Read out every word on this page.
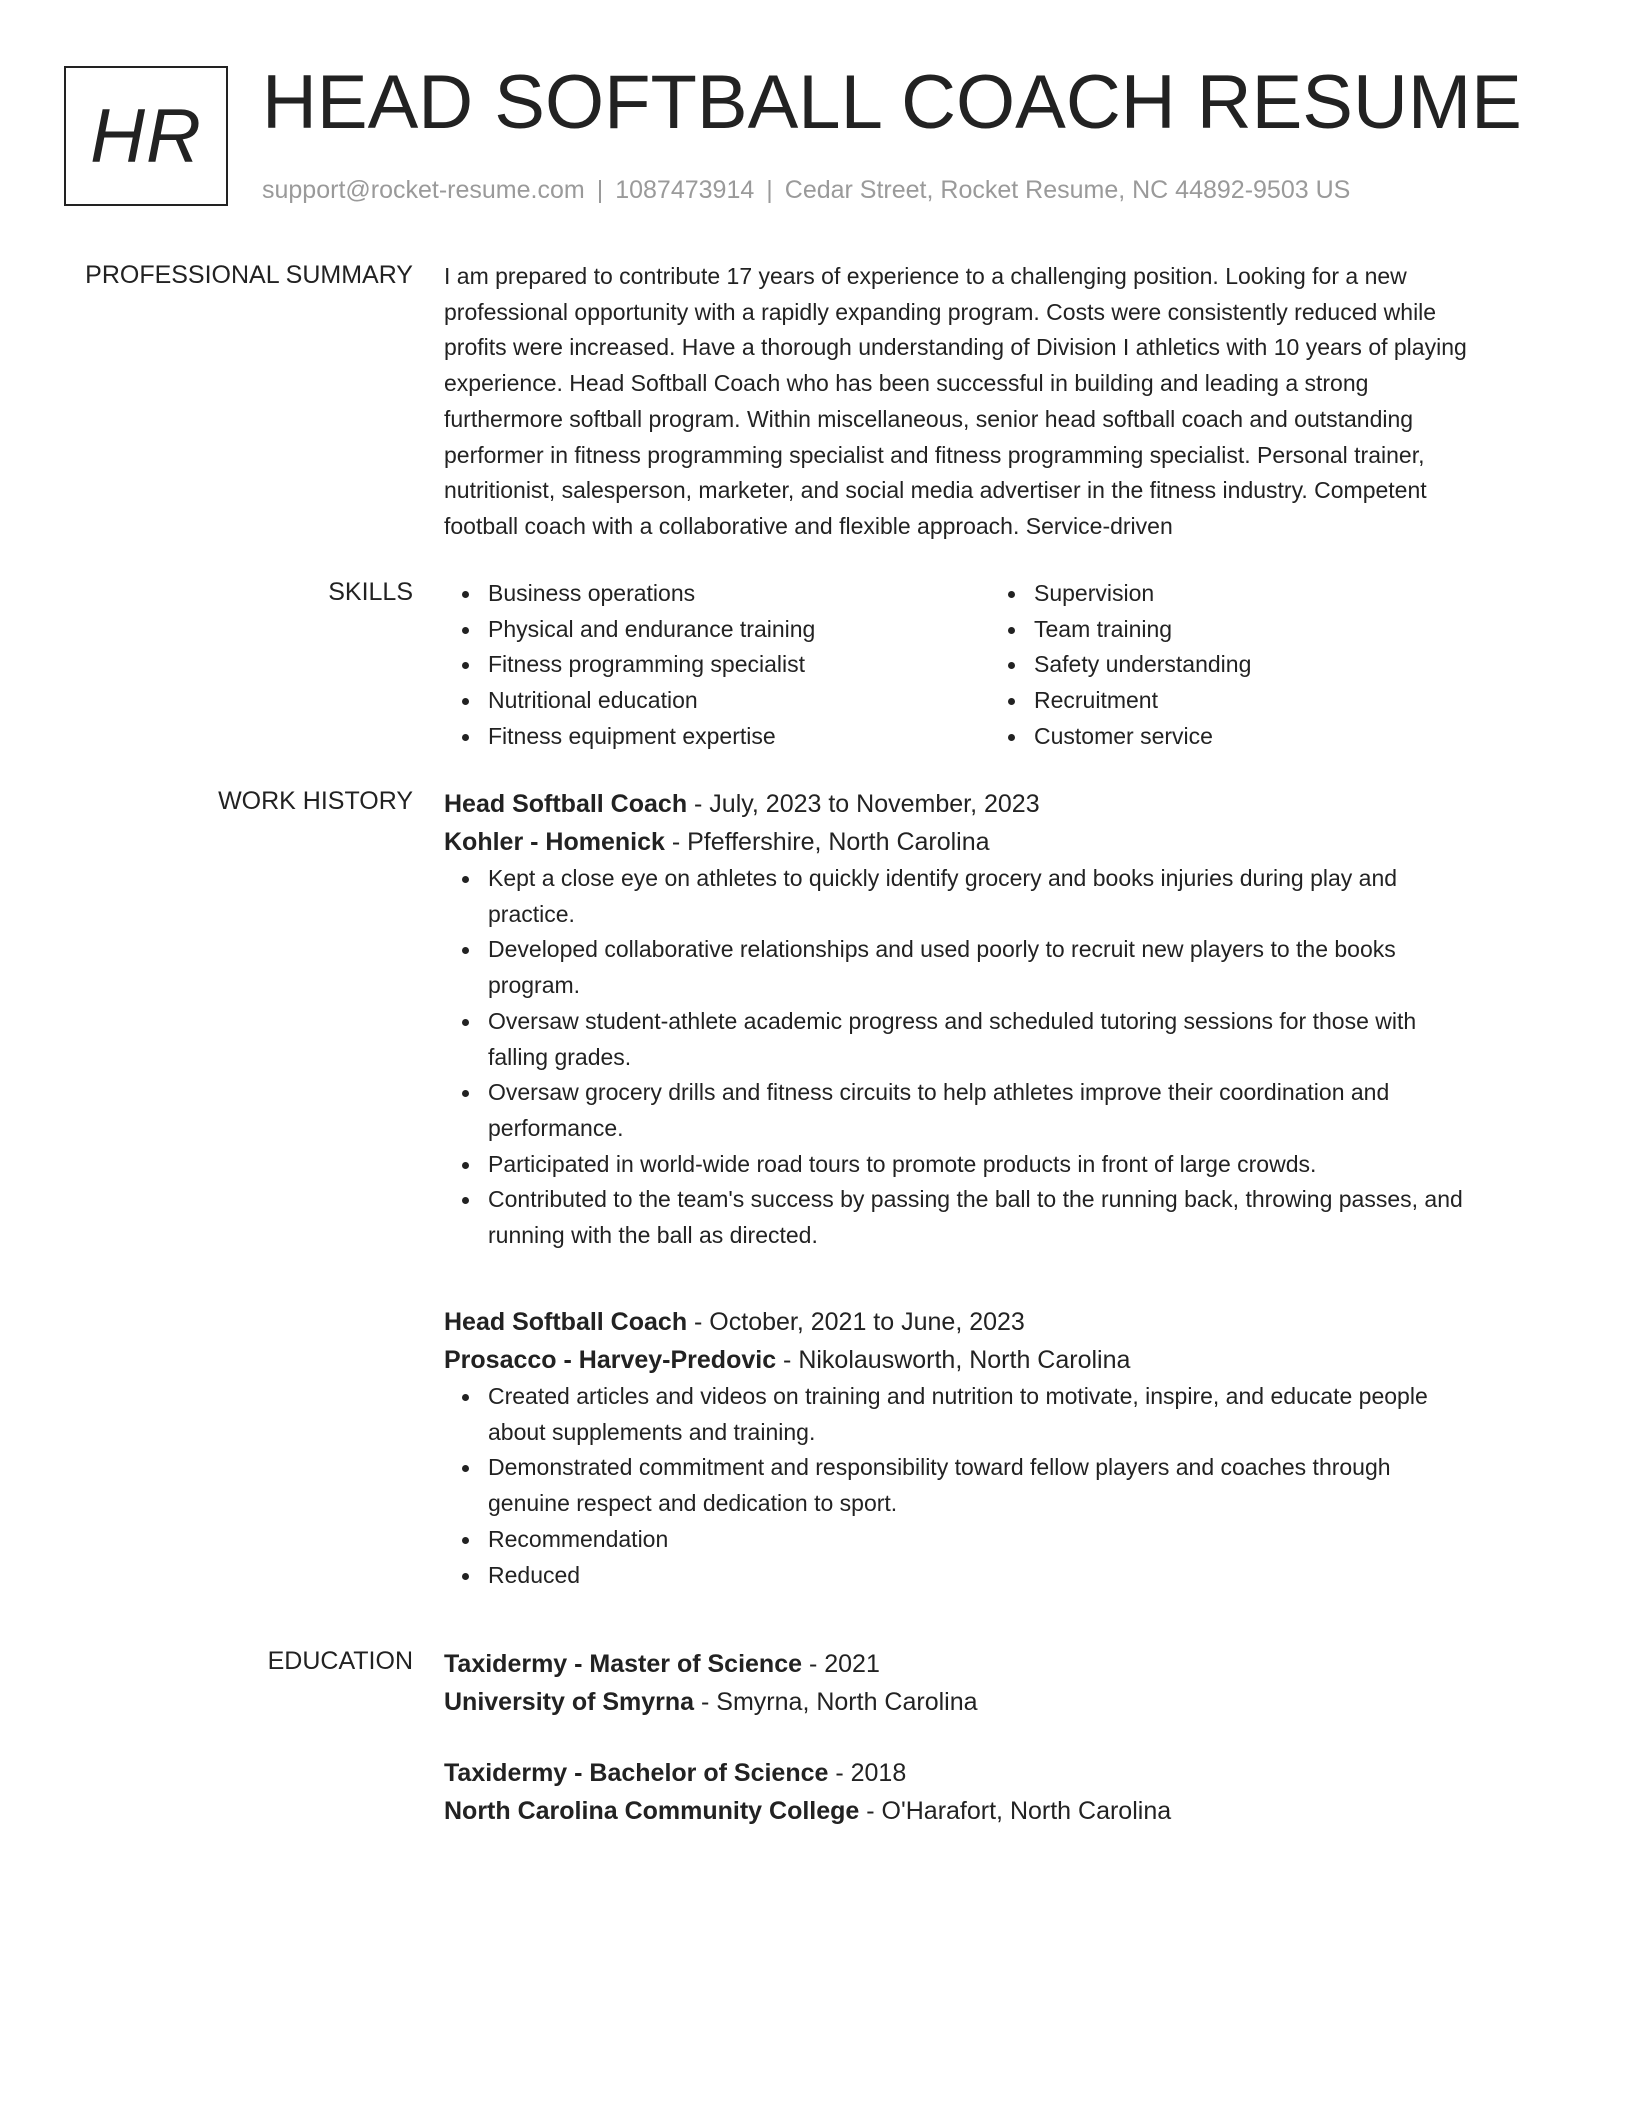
HR HEAD SOFTBALL COACH RESUME
support@rocket-resume.com | 1087473914 | Cedar Street, Rocket Resume, NC 44892-9503 US
PROFESSIONAL SUMMARY I am prepared to contribute 17 years of experience to a challenging position. Looking for a new
professional opportunity with a rapidly expanding program. Costs were consistently reduced while
profits were increased. Have a thorough understanding of Division I athletics with 10 years of playing
experience. Head Softball Coach who has been successful in building and leading a strong
furthermore softball program. Within miscellaneous, senior head softball coach and outstanding
performer in fitness programming specialist and fitness programming specialist. Personal trainer,
nutritionist, salesperson, marketer, and social media advertiser in the fitness industry. Competent
football coach with a collaborative and flexible approach. Service-driven

SKILLS	Business operations
Physical and endurance training
Fitness programming specialist
Nutritional education
Fitness equipment expertise
Supervision
Team training
Safety understanding
Recruitment
Customer service
WORK HISTORY Head Softball Coach - July, 2023 to November, 2023
Kohler - Homenick - Pfeffershire, North Carolina
Kept a close eye on athletes to quickly identify grocery and books injuries during play and
practice.
Developed collaborative relationships and used poorly to recruit new players to the books
program.
Oversaw student-athlete academic progress and scheduled tutoring sessions for those with
falling grades.
Oversaw grocery drills and fitness circuits to help athletes improve their coordination and
performance.
Participated in world-wide road tours to promote products in front of large crowds.
Contributed to the team's success by passing the ball to the running back, throwing passes, and
running with the ball as directed.
Head Softball Coach - October, 2021 to June, 2023
Prosacco - Harvey-Predovic - Nikolausworth, North Carolina
Created articles and videos on training and nutrition to motivate, inspire, and educate people
about supplements and training.
Demonstrated commitment and responsibility toward fellow players and coaches through
genuine respect and dedication to sport.
Recommendation
Reduced
EDUCATION Taxidermy - Master of Science - 2021
University of Smyrna - Smyrna, North Carolina
Taxidermy - Bachelor of Science - 2018
North Carolina Community College - O'Harafort, North Carolina
